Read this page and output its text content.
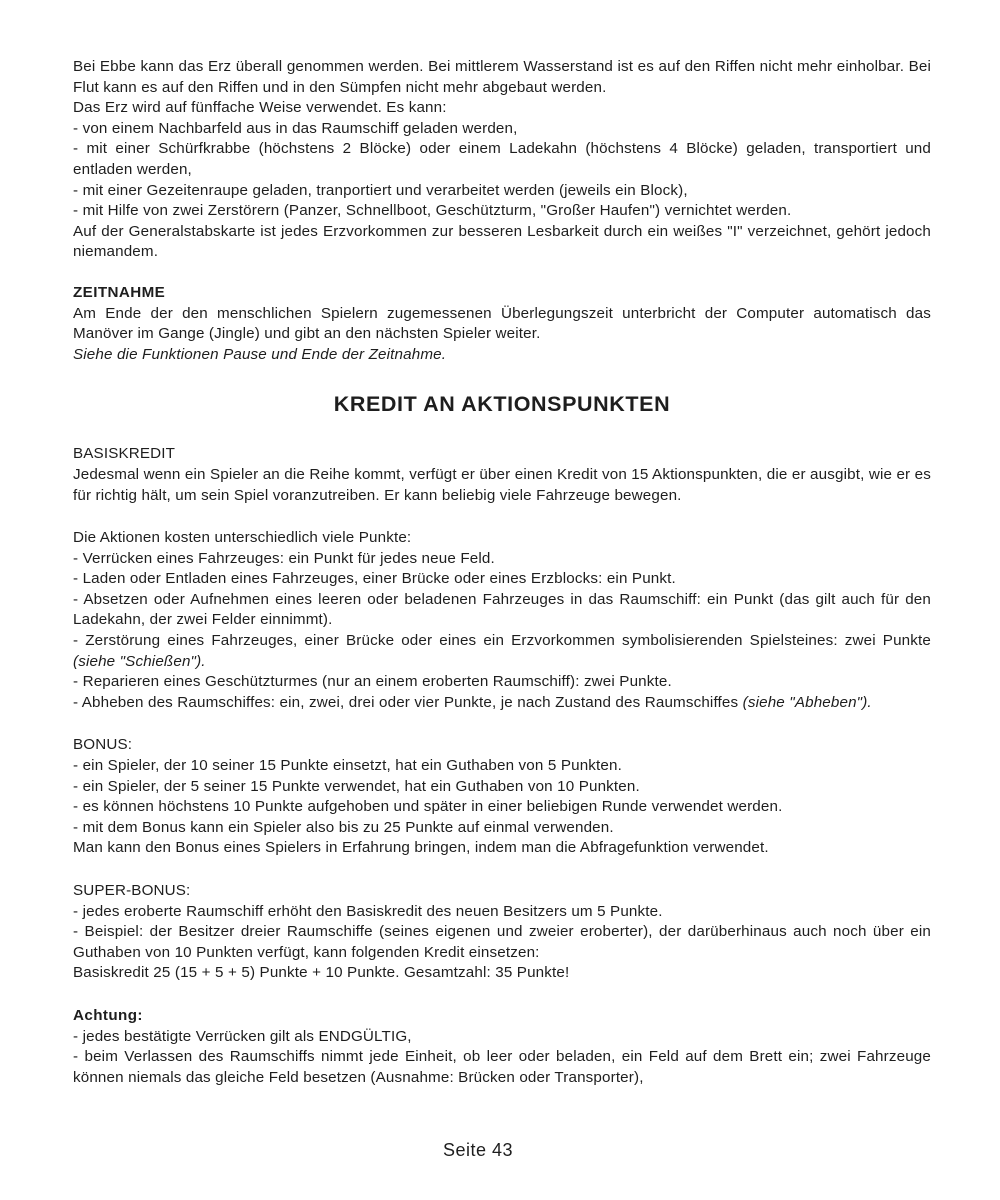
Bei Ebbe kann das Erz überall genommen werden. Bei mittlerem Wasserstand ist es auf den Riffen nicht mehr einholbar. Bei Flut kann es auf den Riffen und in den Sümpfen nicht mehr abgebaut werden.

Das Erz wird auf fünffache Weise verwendet. Es kann:

- von einem Nachbarfeld aus in das Raumschiff geladen werden,

- mit einer Schürfkrabbe (höchstens 2 Blöcke) oder einem Ladekahn (höchstens 4 Blöcke) geladen, transportiert und entladen werden,

- mit einer Gezeitenraupe geladen, tranportiert und verarbeitet werden (jeweils ein Block),

- mit Hilfe von zwei Zerstörern (Panzer, Schnellboot, Geschützturm, "Großer Haufen") vernichtet werden.

Auf der Generalstabskarte ist jedes Erzvorkommen zur besseren Lesbarkeit durch ein weißes "I" verzeichnet, gehört jedoch niemandem.

ZEITNAHME

Am Ende der den menschlichen Spielern zugemessenen Überlegungszeit unterbricht der Computer automatisch das Manöver im Gange (Jingle) und gibt an den nächsten Spieler weiter.

Siehe die Funktionen Pause und Ende der Zeitnahme.

KREDIT AN AKTIONSPUNKTEN

BASISKREDIT

Jedesmal wenn ein Spieler an die Reihe kommt, verfügt er über einen Kredit von 15 Aktionspunkten, die er ausgibt, wie er es für richtig hält, um sein Spiel voranzutreiben. Er kann beliebig viele Fahrzeuge bewegen.

Die Aktionen kosten unterschiedlich viele Punkte:

- Verrücken eines Fahrzeuges: ein Punkt für jedes neue Feld.

- Laden oder Entladen eines Fahrzeuges, einer Brücke oder eines Erzblocks: ein Punkt.

- Absetzen oder Aufnehmen eines leeren oder beladenen Fahrzeuges in das Raumschiff: ein Punkt (das gilt auch für den Ladekahn, der zwei Felder einnimmt).

- Zerstörung eines Fahrzeuges, einer Brücke oder eines ein Erzvorkommen symbolisierenden Spielsteines: zwei Punkte (siehe "Schießen").

- Reparieren eines Geschützturmes (nur an einem eroberten Raumschiff): zwei Punkte.

- Abheben des Raumschiffes: ein, zwei, drei oder vier Punkte, je nach Zustand des Raumschiffes (siehe "Abheben").

BONUS:

- ein Spieler, der 10 seiner 15 Punkte einsetzt, hat ein Guthaben von 5 Punkten.

- ein Spieler, der 5 seiner 15 Punkte verwendet, hat ein Guthaben von 10 Punkten.

- es können höchstens 10 Punkte aufgehoben und später in einer beliebigen Runde verwendet werden.

- mit dem Bonus kann ein Spieler also bis zu 25 Punkte auf einmal verwenden.

Man kann den Bonus eines Spielers in Erfahrung bringen, indem man die Abfragefunktion verwendet.

SUPER-BONUS:

- jedes eroberte Raumschiff erhöht den Basiskredit des neuen Besitzers um 5 Punkte.

- Beispiel: der Besitzer dreier Raumschiffe (seines eigenen und zweier eroberter), der darüberhinaus auch noch über ein Guthaben von 10 Punkten verfügt, kann folgenden Kredit einsetzen:

Basiskredit 25 (15 + 5 + 5) Punkte + 10 Punkte. Gesamtzahl: 35 Punkte!

Achtung:

- jedes bestätigte Verrücken gilt als ENDGÜLTIG,

- beim Verlassen des Raumschiffs nimmt jede Einheit, ob leer oder beladen, ein Feld auf dem Brett ein; zwei Fahrzeuge können niemals das gleiche Feld besetzen (Ausnahme: Brücken oder Transporter),

Seite 43
